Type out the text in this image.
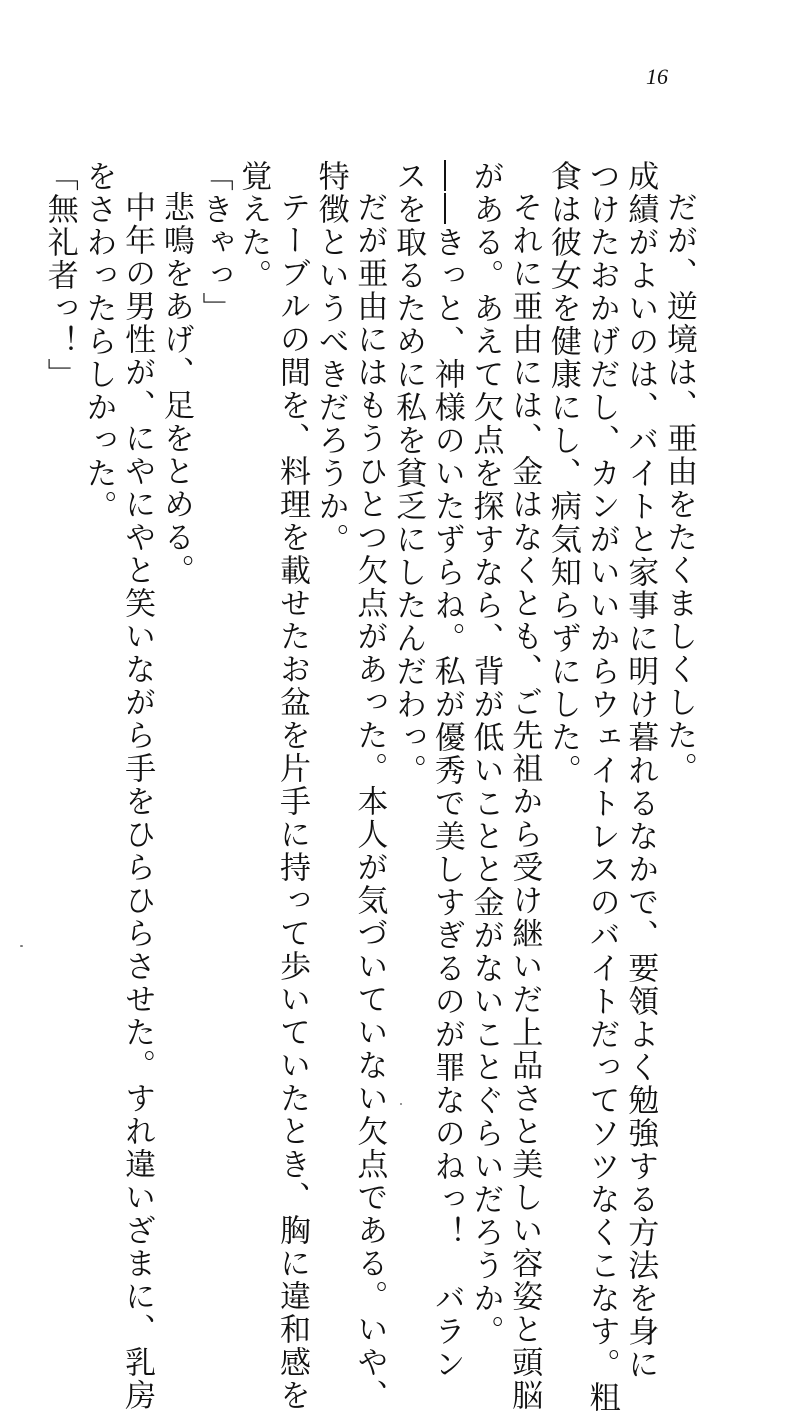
16
だが、逆境は、亜由をたくましくした。
成績がよいのは、バイトと家事に明け暮れるなかで、要領よく勉強する方法を身に
つけたおかげだし、カンがいいからウェイトレスのバイトだってソツなくこなす。粗
食は彼女を健康にし、病気知らずにした。
それに亜由には、金はなくとも、ご先祖から受け継いだ上品さと美しい容姿と頭脳
がある。あえて欠点を探すなら、背が低いことと金がないことぐらいだろうか。
――きっと、神様のいたずらね。私が優秀で美しすぎるのが罪なのねっ！　バラン
スを取るために私を貧乏にしたんだわっ。
だが亜由にはもうひとつ欠点があった。本人が気づいていない欠点である。いや、
特徴というべきだろうか。
テーブルの間を、料理を載せたお盆を片手に持って歩いていたとき、胸に違和感を
覚えた。
「きゃっ」
悲鳴をあげ、足をとめる。
中年の男性が、にやにやと笑いながら手をひらひらさせた。すれ違いざまに、乳房
をさわったらしかった。
「無礼者っ！」
